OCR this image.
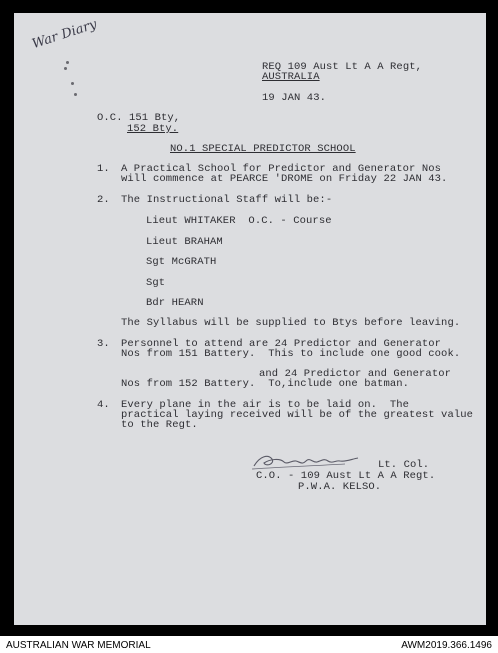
War Diary
REQ 109 Aust Lt A A Regt,
AUSTRALIA
19 JAN 43.
O.C. 151 Bty,
152 Bty.
NO.1 SPECIAL PREDICTOR SCHOOL
1. A Practical School for Predictor and Generator Nos
will commence at PEARCE 'DROME on Friday 22 JAN 43.
2. The Instructional Staff will be:-
Lieut WHITAKER  O.C. - Course
Lieut BRAHAM
Sgt McGRATH
Sgt
Bdr HEARN
The Syllabus will be supplied to Btys before leaving.
3. Personnel to attend are 24 Predictor and Generator
Nos from 151 Battery.  This to include one good cook.
and 24 Predictor and Generator
Nos from 152 Battery.  To,include one batman.
4. Every plane in the air is to be laid on.  The
practical laying received will be of the greatest value
to the Regt.
Lt. Col.
C.O. - 109 Aust Lt A A Regt.
P.W.A. KELSO.
AUSTRALIAN WAR MEMORIAL	AWM2019.366.1496
